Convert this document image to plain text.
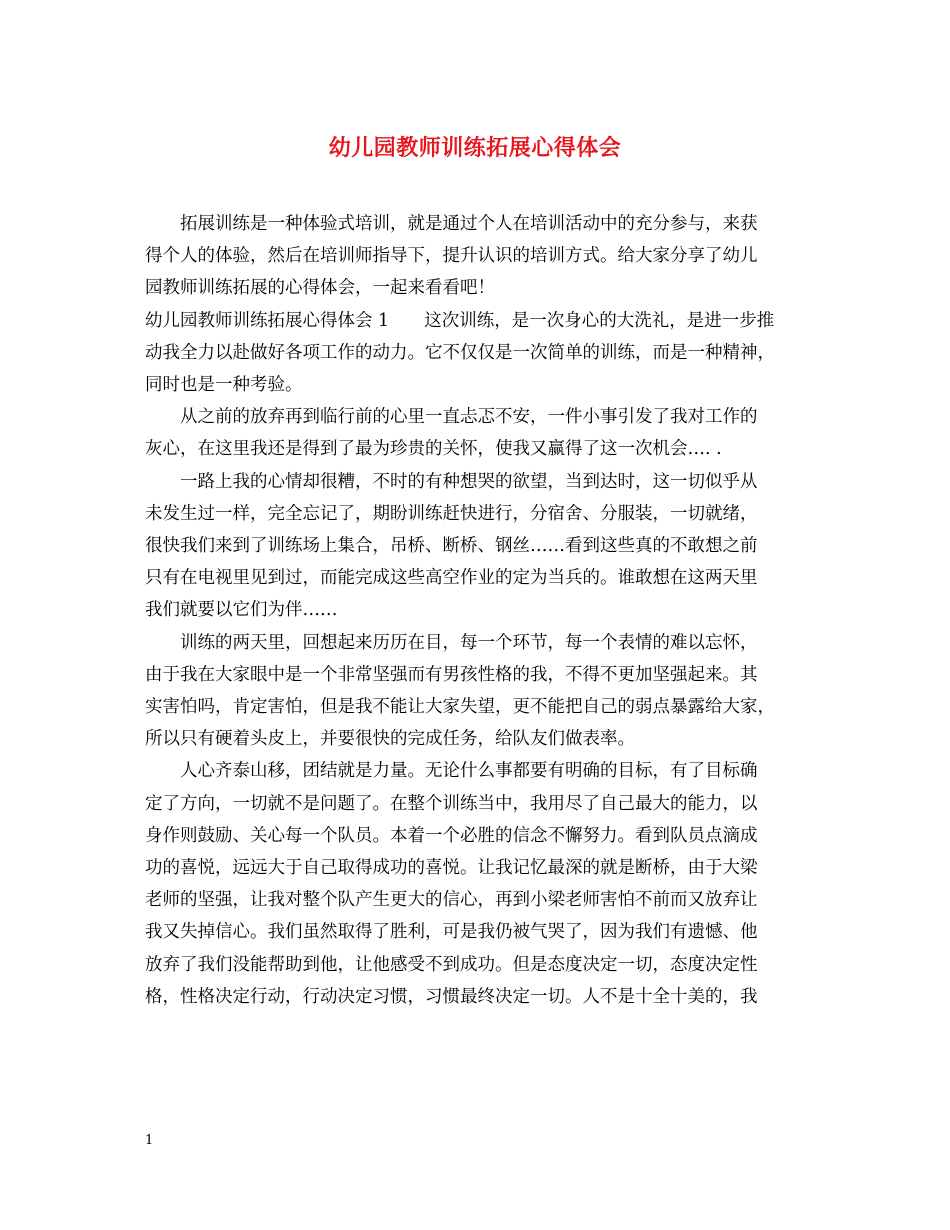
幼儿园教师训练拓展心得体会
　　拓展训练是一种体验式培训，就是通过个人在培训活动中的充分参与，来获
得个人的体验，然后在培训师指导下，提升认识的培训方式。给大家分享了幼儿
园教师训练拓展的心得体会，一起来看看吧！
幼儿园教师训练拓展心得体会 1　　这次训练，是一次身心的大洗礼，是进一步推
动我全力以赴做好各项工作的动力。它不仅仅是一次简单的训练，而是一种精神，
同时也是一种考验。
　　从之前的放弃再到临行前的心里一直忐忑不安，一件小事引发了我对工作的
灰心，在这里我还是得到了最为珍贵的关怀，使我又赢得了这一次机会…. .
　　一路上我的心情却很糟，不时的有种想哭的欲望，当到达时，这一切似乎从
未发生过一样，完全忘记了，期盼训练赶快进行，分宿舍、分服装，一切就绪，
很快我们来到了训练场上集合，吊桥、断桥、钢丝……看到这些真的不敢想之前
只有在电视里见到过，而能完成这些高空作业的定为当兵的。谁敢想在这两天里
我们就要以它们为伴……
　　训练的两天里，回想起来历历在目，每一个环节，每一个表情的难以忘怀，
由于我在大家眼中是一个非常坚强而有男孩性格的我，不得不更加坚强起来。其
实害怕吗，肯定害怕，但是我不能让大家失望，更不能把自己的弱点暴露给大家，
所以只有硬着头皮上，并要很快的完成任务，给队友们做表率。
　　人心齐泰山移，团结就是力量。无论什么事都要有明确的目标，有了目标确
定了方向，一切就不是问题了。在整个训练当中，我用尽了自己最大的能力，以
身作则鼓励、关心每一个队员。本着一个必胜的信念不懈努力。看到队员点滴成
功的喜悦，远远大于自己取得成功的喜悦。让我记忆最深的就是断桥，由于大梁
老师的坚强，让我对整个队产生更大的信心，再到小梁老师害怕不前而又放弃让
我又失掉信心。我们虽然取得了胜利，可是我仍被气哭了，因为我们有遗憾、他
放弃了我们没能帮助到他，让他感受不到成功。但是态度决定一切，态度决定性
格，性格决定行动，行动决定习惯，习惯最终决定一切。人不是十全十美的，我
1
